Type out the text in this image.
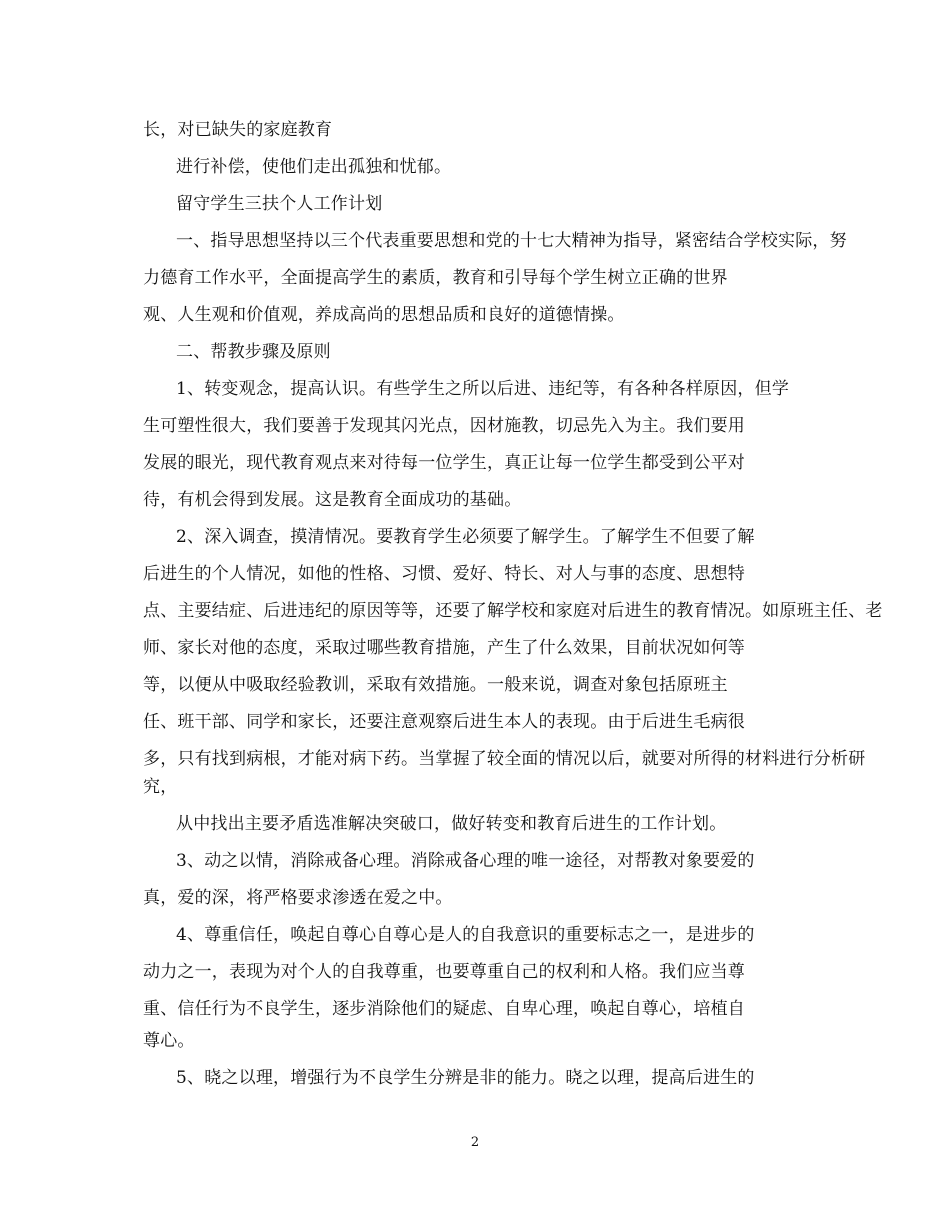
长，对已缺失的家庭教育
进行补偿，使他们走出孤独和忧郁。
留守学生三扶个人工作计划
一、指导思想坚持以三个代表重要思想和党的十七大精神为指导，紧密结合学校实际，努
力德育工作水平，全面提高学生的素质，教育和引导每个学生树立正确的世界
观、人生观和价值观，养成高尚的思想品质和良好的道德情操。
二、帮教步骤及原则
1、转变观念，提高认识。有些学生之所以后进、违纪等，有各种各样原因，但学
生可塑性很大，我们要善于发现其闪光点，因材施教，切忌先入为主。我们要用
发展的眼光，现代教育观点来对待每一位学生，真正让每一位学生都受到公平对
待，有机会得到发展。这是教育全面成功的基础。
2、深入调查，摸清情况。要教育学生必须要了解学生。了解学生不但要了解
后进生的个人情况，如他的性格、习惯、爱好、特长、对人与事的态度、思想特
点、主要结症、后进违纪的原因等等，还要了解学校和家庭对后进生的教育情况。如原班主任、老
师、家长对他的态度，采取过哪些教育措施，产生了什么效果，目前状况如何等
等，以便从中吸取经验教训，采取有效措施。一般来说，调查对象包括原班主
任、班干部、同学和家长，还要注意观察后进生本人的表现。由于后进生毛病很
多，只有找到病根，才能对病下药。当掌握了较全面的情况以后，就要对所得的材料进行分析研
究，
从中找出主要矛盾选准解决突破口，做好转变和教育后进生的工作计划。
3、动之以情，消除戒备心理。消除戒备心理的唯一途径，对帮教对象要爱的
真，爱的深，将严格要求渗透在爱之中。
4、尊重信任，唤起自尊心自尊心是人的自我意识的重要标志之一，是进步的
动力之一，表现为对个人的自我尊重，也要尊重自己的权利和人格。我们应当尊
重、信任行为不良学生，逐步消除他们的疑虑、自卑心理，唤起自尊心，培植自
尊心。
5、晓之以理，增强行为不良学生分辨是非的能力。晓之以理，提高后进生的
2
